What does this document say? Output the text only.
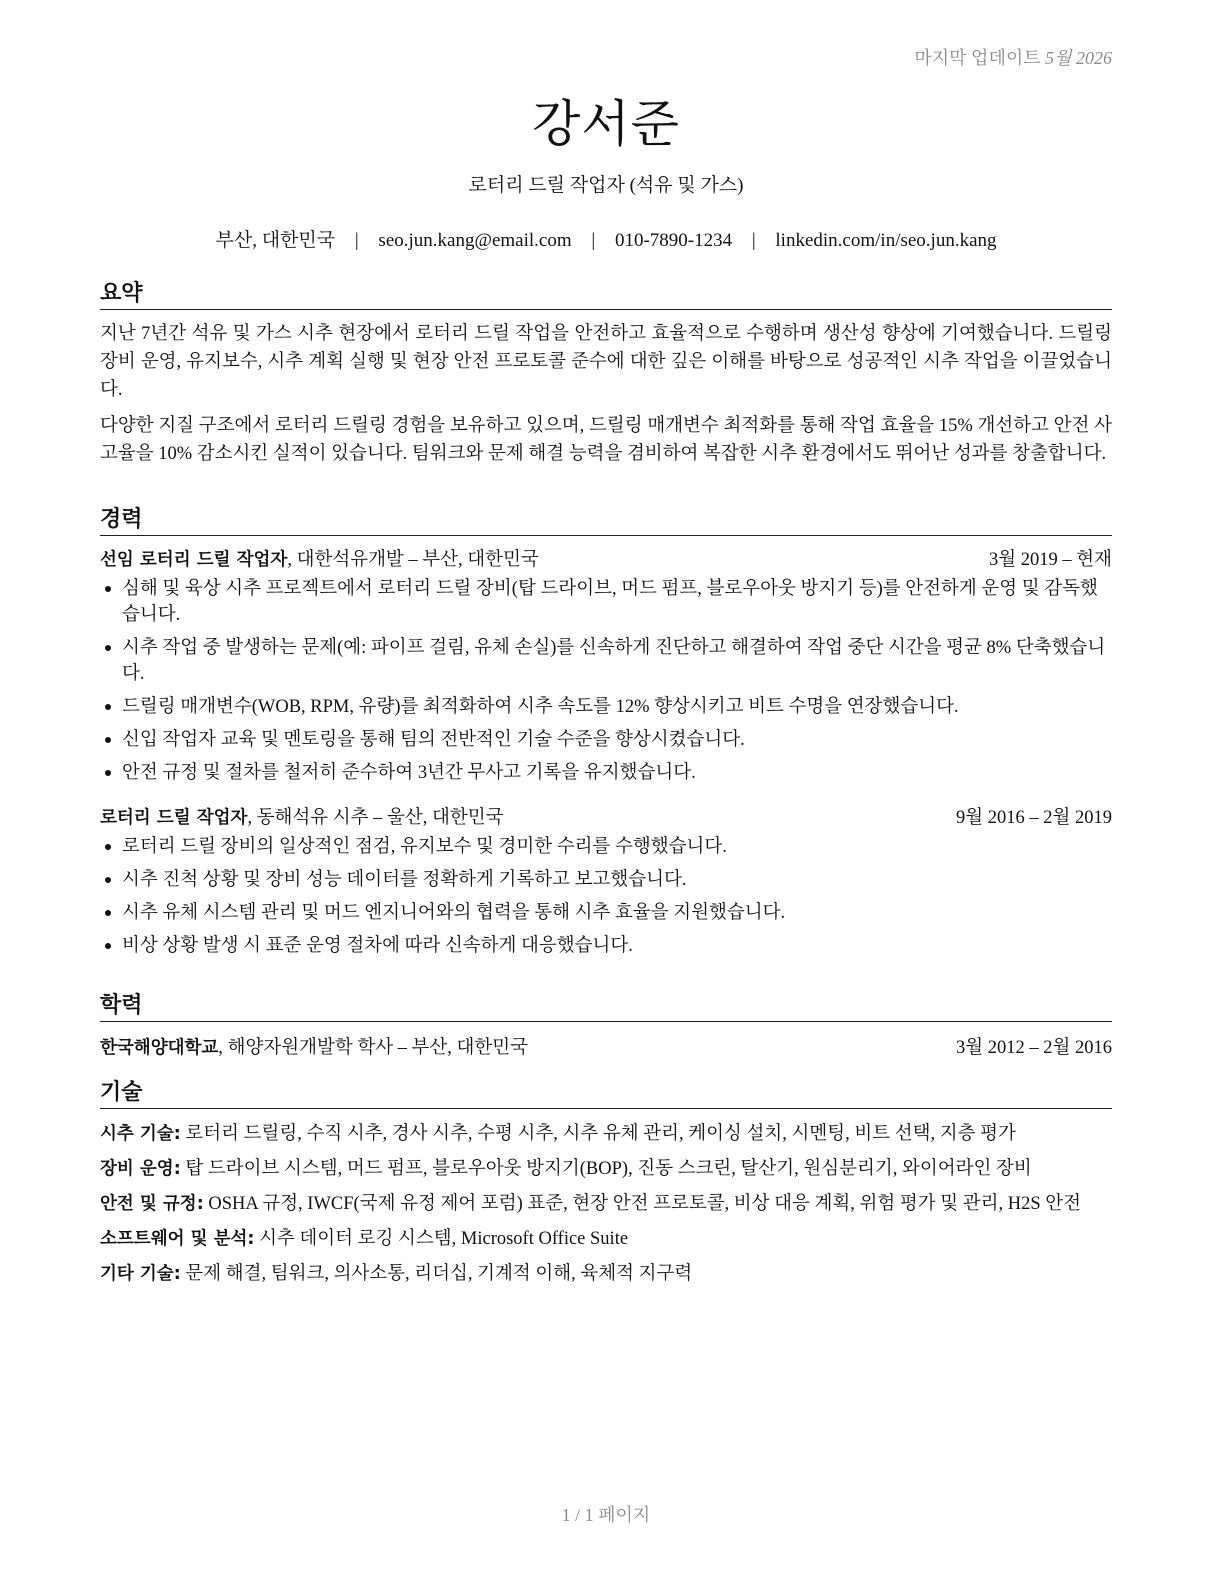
마지막 업데이트 5월 2026
강서준
로터리 드릴 작업자 (석유 및 가스)
부산, 대한민국 | seo.jun.kang@email.com | 010-7890-1234 | linkedin.com/in/seo.jun.kang
요약

지난 7년간 석유 및 가스 시추 현장에서 로터리 드릴 작업을 안전하고 효율적으로 수행하며 생산성 향상에 기여했습니다. 드릴링 장비 운영, 유지보수, 시추 계획 실행 및 현장 안전 프로토콜 준수에 대한 깊은 이해를 바탕으로 성공적인 시추 작업을 이끌었습니다.

다양한 지질 구조에서 로터리 드릴링 경험을 보유하고 있으며, 드릴링 매개변수 최적화를 통해 작업 효율을 15% 개선하고 안전 사고율을 10% 감소시킨 실적이 있습니다. 팀워크와 문제 해결 능력을 겸비하여 복잡한 시추 환경에서도 뛰어난 성과를 창출합니다.

경력
선임 로터리 드릴 작업자, 대한석유개발 – 부산, 대한민국	3월 2019 – 현재
심해 및 육상 시추 프로젝트에서 로터리 드릴 장비(탑 드라이브, 머드 펌프, 블로우아웃 방지기 등)를 안전하게 운영 및 감독했습니다.
시추 작업 중 발생하는 문제(예: 파이프 걸림, 유체 손실)를 신속하게 진단하고 해결하여 작업 중단 시간을 평균 8% 단축했습니다.
드릴링 매개변수(WOB, RPM, 유량)를 최적화하여 시추 속도를 12% 향상시키고 비트 수명을 연장했습니다.
신입 작업자 교육 및 멘토링을 통해 팀의 전반적인 기술 수준을 향상시켰습니다.
안전 규정 및 절차를 철저히 준수하여 3년간 무사고 기록을 유지했습니다.
로터리 드릴 작업자, 동해석유 시추 – 울산, 대한민국	9월 2016 – 2월 2019
로터리 드릴 장비의 일상적인 점검, 유지보수 및 경미한 수리를 수행했습니다.
시추 진척 상황 및 장비 성능 데이터를 정확하게 기록하고 보고했습니다.
시추 유체 시스템 관리 및 머드 엔지니어와의 협력을 통해 시추 효율을 지원했습니다.
비상 상황 발생 시 표준 운영 절차에 따라 신속하게 대응했습니다.
학력
한국해양대학교, 해양자원개발학 학사 – 부산, 대한민국	3월 2012 – 2월 2016
기술
시추 기술: 로터리 드릴링, 수직 시추, 경사 시추, 수평 시추, 시추 유체 관리, 케이싱 설치, 시멘팅, 비트 선택, 지층 평가
장비 운영: 탑 드라이브 시스템, 머드 펌프, 블로우아웃 방지기(BOP), 진동 스크린, 탈산기, 원심분리기, 와이어라인 장비
안전 및 규정: OSHA 규정, IWCF(국제 유정 제어 포럼) 표준, 현장 안전 프로토콜, 비상 대응 계획, 위험 평가 및 관리, H2S 안전
소프트웨어 및 분석: 시추 데이터 로깅 시스템, Microsoft Office Suite
기타 기술: 문제 해결, 팀워크, 의사소통, 리더십, 기계적 이해, 육체적 지구력
1 / 1 페이지
